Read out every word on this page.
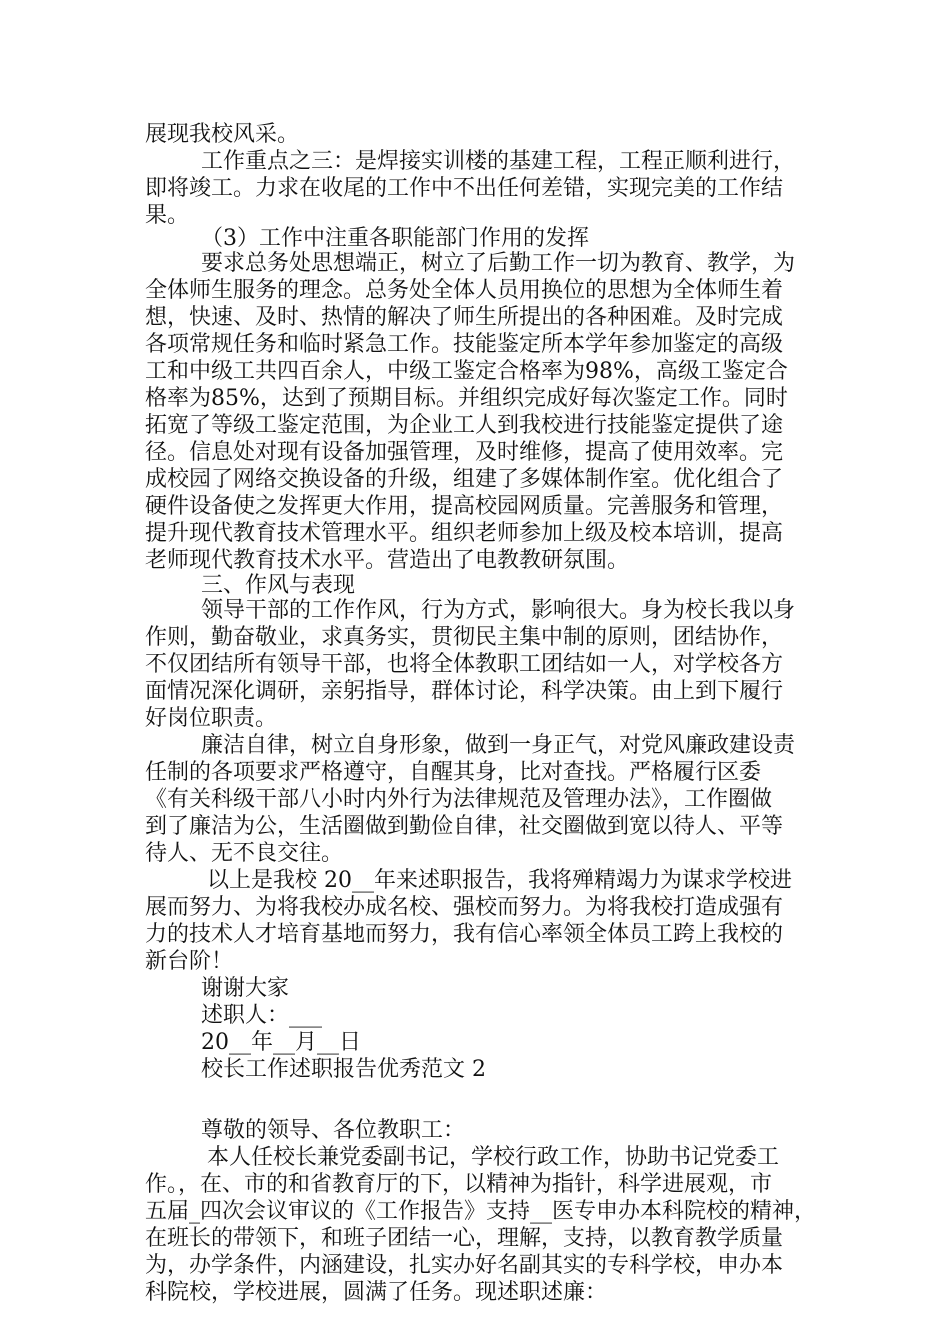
展现我校风采。
工作重点之三：是焊接实训楼的基建工程，工程正顺利进行，
即将竣工。力求在收尾的工作中不出任何差错，实现完美的工作结
果。
（3）工作中注重各职能部门作用的发挥
要求总务处思想端正，树立了后勤工作一切为教育、教学，为
全体师生服务的理念。总务处全体人员用换位的思想为全体师生着
想，快速、及时、热情的解决了师生所提出的各种困难。及时完成
各项常规任务和临时紧急工作。技能鉴定所本学年参加鉴定的高级
工和中级工共四百余人，中级工鉴定合格率为98%，高级工鉴定合
格率为85%，达到了预期目标。并组织完成好每次鉴定工作。同时
拓宽了等级工鉴定范围，为企业工人到我校进行技能鉴定提供了途
径。信息处对现有设备加强管理，及时维修，提高了使用效率。完
成校园了网络交换设备的升级，组建了多媒体制作室。优化组合了
硬件设备使之发挥更大作用，提高校园网质量。完善服务和管理，
提升现代教育技术管理水平。组织老师参加上级及校本培训，提高
老师现代教育技术水平。营造出了电教教研氛围。
三、作风与表现
领导干部的工作作风，行为方式，影响很大。身为校长我以身
作则，勤奋敬业，求真务实，贯彻民主集中制的原则，团结协作，
不仅团结所有领导干部，也将全体教职工团结如一人，对学校各方
面情况深化调研，亲躬指导，群体讨论，科学决策。由上到下履行
好岗位职责。
廉洁自律，树立自身形象，做到一身正气，对党风廉政建设责
任制的各项要求严格遵守，自醒其身，比对查找。严格履行区委
《有关科级干部八小时内外行为法律规范及管理办法》，工作圈做
到了廉洁为公，生活圈做到勤俭自律，社交圈做到宽以待人、平等
待人、无不良交往。
以上是我校 20__年来述职报告，我将殚精竭力为谋求学校进
展而努力、为将我校办成名校、强校而努力。为将我校打造成强有
力的技术人才培育基地而努力，我有信心率领全体员工跨上我校的
新台阶！
谢谢大家
述职人：___
20__年__月__日
校长工作述职报告优秀范文 2
尊敬的领导、各位教职工：
本人任校长兼党委副书记，学校行政工作，协助书记党委工
作。，在、市的和省教育厅的下，以精神为指针，科学进展观，市
五届_四次会议审议的《工作报告》支持__医专申办本科院校的精神，
在班长的带领下，和班子团结一心，理解，支持，以教育教学质量
为，办学条件，内涵建设，扎实办好名副其实的专科学校，申办本
科院校，学校进展，圆满了任务。现述职述廉：
